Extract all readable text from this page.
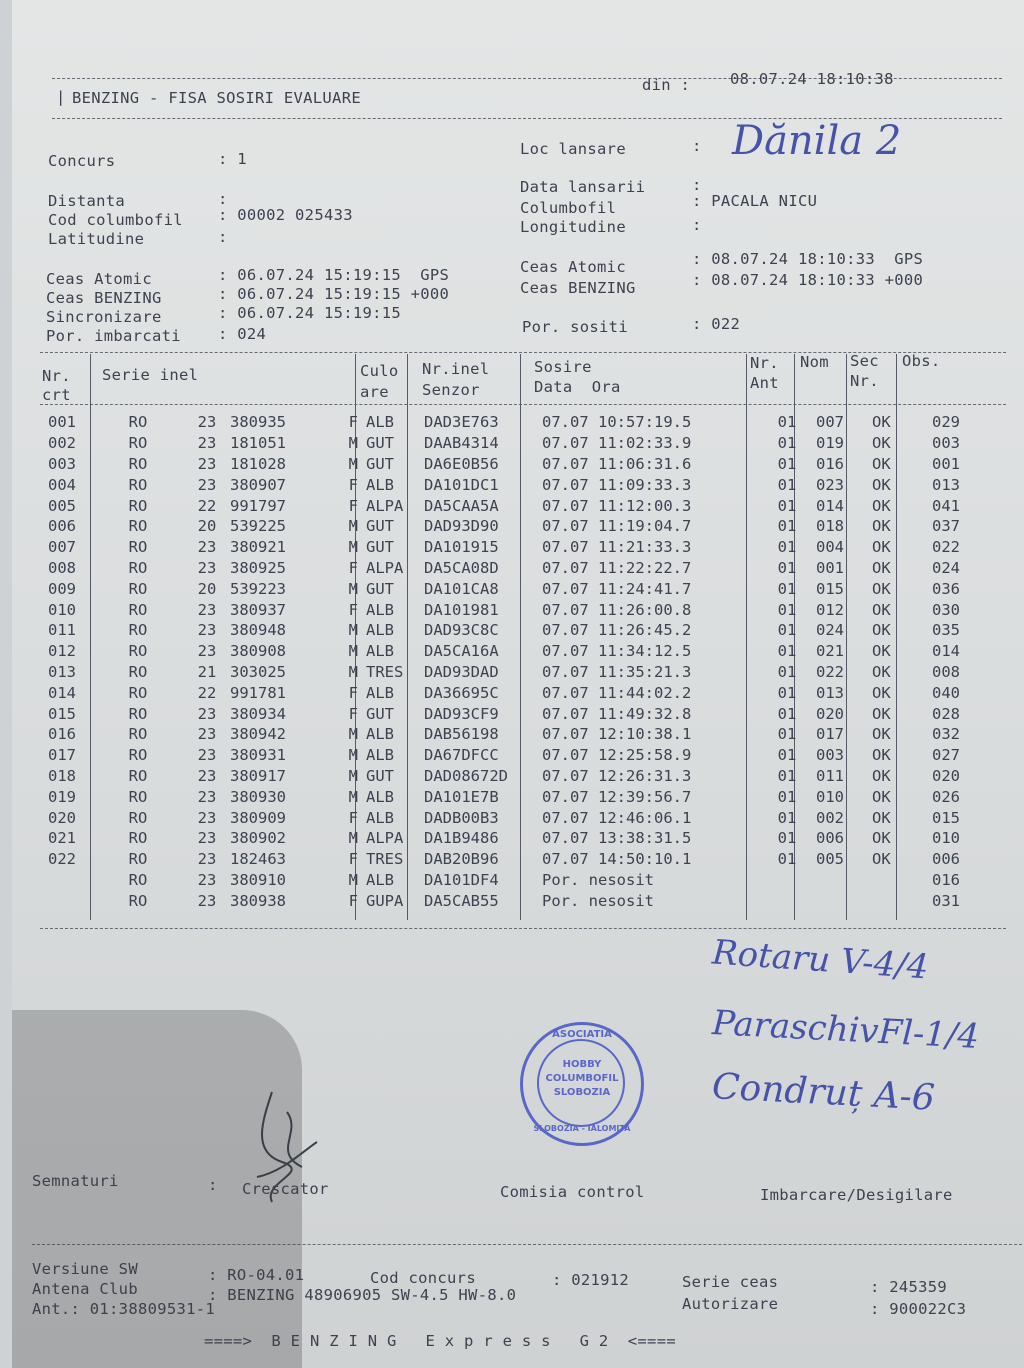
| BENZING - FISA SOSIRI EVALUARE
din :	08.07.24 18:10:38
Concurs	: 1
Distanta	:
Cod columbofil : 00002 025433
Latitudine	:
Ceas Atomic	: 06.07.24 15:19:15  GPS
Ceas BENZING	: 06.07.24 15:19:15 +000
Sincronizare	: 06.07.24 15:19:15
Por. imbarcati : 024
Loc lansare	:
Data lansarii	:
Columbofil	: PACALA NICU
Longitudine	:
Ceas Atomic	: 08.07.24 18:10:33  GPS
Ceas BENZING	: 08.07.24 18:10:33 +000
Por. sositi	: 022
Dănila 2
Nr.
crt
Serie inel	Culo
are
Nr.inel
Senzor
Sosire
Data  Ora
Nr.
Ant
Nom Sec
Nr.
Obs.
001	RO	23	380935	F	ALB	DAD3E763	07.07 10:57:19.5	01	007	OK	029
002	RO	23	181051	M	GUT	DAAB4314	07.07 11:02:33.9	01	019	OK	003
003	RO	23	181028	M	GUT	DA6E0B56	07.07 11:06:31.6	01	016	OK	001
004	RO	23	380907	F	ALB	DA101DC1	07.07 11:09:33.3	01	023	OK	013
005	RO	22	991797	F	ALPA	DA5CAA5A	07.07 11:12:00.3	01	014	OK	041
006	RO	20	539225	M	GUT	DAD93D90	07.07 11:19:04.7	01	018	OK	037
007	RO	23	380921	M	GUT	DA101915	07.07 11:21:33.3	01	004	OK	022
008	RO	23	380925	F	ALPA	DA5CA08D	07.07 11:22:22.7	01	001	OK	024
009	RO	20	539223	M	GUT	DA101CA8	07.07 11:24:41.7	01	015	OK	036
010	RO	23	380937	F	ALB	DA101981	07.07 11:26:00.8	01	012	OK	030
011	RO	23	380948	M	ALB	DAD93C8C	07.07 11:26:45.2	01	024	OK	035
012	RO	23	380908	M	ALB	DA5CA16A	07.07 11:34:12.5	01	021	OK	014
013	RO	21	303025	M	TRES	DAD93DAD	07.07 11:35:21.3	01	022	OK	008
014	RO	22	991781	F	ALB	DA36695C	07.07 11:44:02.2	01	013	OK	040
015	RO	23	380934	F	GUT	DAD93CF9	07.07 11:49:32.8	01	020	OK	028
016	RO	23	380942	M	ALB	DAB56198	07.07 12:10:38.1	01	017	OK	032
017	RO	23	380931	M	ALB	DA67DFCC	07.07 12:25:58.9	01	003	OK	027
018	RO	23	380917	M	GUT	DAD08672D	07.07 12:26:31.3	01	011	OK	020
019	RO	23	380930	M	ALB	DA101E7B	07.07 12:39:56.7	01	010	OK	026
020	RO	23	380909	F	ALB	DADB00B3	07.07 12:46:06.1	01	002	OK	015
021	RO	23	380902	M	ALPA	DA1B9486	07.07 13:38:31.5	01	006	OK	010
022	RO	23	182463	F	TRES	DAB20B96	07.07 14:50:10.1	01	005	OK	006
	RO	23	380910	M	ALB	DA101DF4	Por. nesosit				016
	RO	23	380938	F	GUPA	DA5CAB55	Por. nesosit				031
Rotaru V-4/4
ParaschivFl-1/4
Condruț A-6
ASOCIATIA
HOBBY
COLUMBOFIL
SLOBOZIA
SLOBOZIA - IALOMITA
Semnaturi	: Crescator	Comisia control	Imbarcare/Desigilare
Versiune SW	: RO-04.01	Cod concurs	: 021912	Serie ceas	: 245359
Antena Club	: BENZING 48906905 SW-4.5 HW-8.0	Autorizare	: 900022C3
Ant.: 01:38809531-1
====>  B E N Z I N G   E x p r e s s   G 2  <====
